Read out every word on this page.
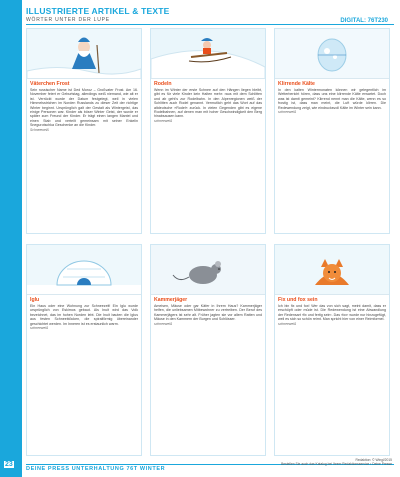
23
ILLUSTRIERTE ARTIKEL & TEXTE
WÖRTER UNTER DER LUPE	DIGITAL: 76T230
Väterchen Frost
Sein russischer Name ist Ded Moroz – Großvater Frost. Am 16. November feiert er Geburtstag, allerdings weiß niemand, wie alt er ist. Verrückt wurde der Datum festgelegt, weil in vielen Himmelsstrichen im Norden Russlands zu dieser Zeit der richtige Winter beginnt. Ursprünglich galt der Gestalt als Wintergeist, das einige Personen war. Kinder als böser Winter Geist, der wurde er später zum Freund der Kinder. Er trägt einen langen Mantel und einen Stab und verteilt gemeinsam mit seiner Enkelin Snegurotschka Geschenke an die Kinder.
Schneeweiß
Rodeln
Wenn im Winter der erste Schnee auf den Hängen liegen bleibt, gibt es für viele Kinder kein Halten mehr: raus mit dem Schlitten und ab geht's zur Rodelbahn. In den Alpenregionen weiß der Schlitten auch Rodel genannt. Vermutlich geht das Wort auf das altdeutsche »Rodel« zurück. In vielen Gegenden gibt es eigene Rodelbahnen, auf denen man mit hoher Geschwindigkeit den Berg hinabsausen kann.
schneeweiß
Klirrende Kälte
In den kalten Wintermonaten können wir gelegentlich im Wetterbericht hören, dass uns eine klirrende Kälte erwartet. Doch was ist damit gemeint? Klirrend nennt man die Kälte, wenn es so frostig ist, dass man meint, die Luft würde klirren. Die Redewendung zeigt, wie eindrucksvoll Kälte im Winter sein kann.
schneeweiß
Iglu
Ein Haus oder eine Wohnung zur Schneezeit! Ein Iglu wurde ursprünglich von Eskimos gebaut. Als Inuit wird das Volk bezeichnet, das im hohen Norden lebt. Die Inuit bauten die Iglus aus festen Schneeblöcken, die spiralförmig übereinander geschichtet werden. Im Inneren ist es erstaunlich warm.
schneeweiß
Kammerjäger
Ameisen, Mäuse oder gar Käfer in Ihrem Haus? Kammerjäger helfen, die unliebsamen Mitbewohner zu vertreiben. Der Beruf des Kammerjägers ist sehr alt. Früher jagten sie vor allem Ratten und Mäuse in den Kammern der Burgen und Schlösser.
schneeweiß
Fix und fox sein
Ich bin fix und fox! Wer das von sich sagt, meint damit, dass er erschöpft oder müde ist. Die Redewendung ist eine Abwandlung der Redensart ›fix und fertig sein‹. Das ›fox‹ wurde nur hinzugefügt, weil es sich so schön reimt. Man spricht hier von einer Reimformel.
schneeweiß
DEINE PRESS UNTERHALTUNG 76T WINTER
Redaktion: © Wingl/2015
Bestellen Sie auch das Katalog bei Ihrem Redaktionsservice • Deine Presse
